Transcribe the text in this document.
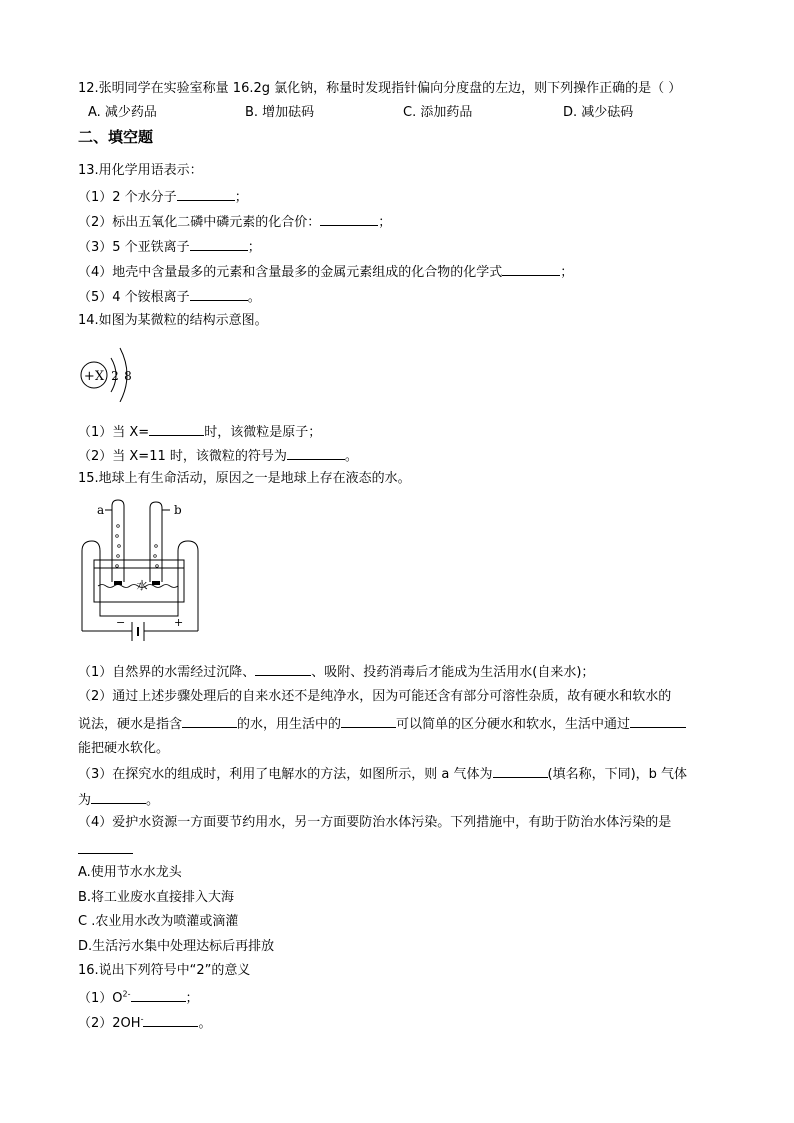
12.张明同学在实验室称量 16.2g 氯化钠，称量时发现指针偏向分度盘的左边，则下列操作正确的是（ ）
A. 减少药品	B. 增加砝码	C. 添加药品	D. 减少砝码
二、填空题
13.用化学用语表示：
（1）2 个水分子	；
（2）标出五氧化二磷中磷元素的化合价：	；
（3）5 个亚铁离子	；
（4）地壳中含量最多的元素和含量最多的金属元素组成的化合物的化学式	；
（5）4 个铵根离子	。
14.如图为某微粒的结构示意图。
+X 2 8
（1）当 X=	时，该微粒是原子；
（2）当 X=11 时，该微粒的符号为	。
15.地球上有生命活动，原因之一是地球上存在液态的水。
水
a	b
−	+
（1）自然界的水需经过沉降、	、吸附、投药消毒后才能成为生活用水(自来水)；
（2）通过上述步骤处理后的自来水还不是纯净水，因为可能还含有部分可溶性杂质，故有硬水和软水的
说法，硬水是指含	的水，用生活中的	可以简单的区分硬水和软水，生活中通过
能把硬水软化。
（3）在探究水的组成时，利用了电解水的方法，如图所示，则 a 气体为	(填名称，下同)，b 气体
为	。
（4）爱护水资源一方面要节约用水，另一方面要防治水体污染。下列措施中，有助于防治水体污染的是
A.使用节水水龙头
B.将工业废水直接排入大海
C .农业用水改为喷灌或滴灌
D.生活污水集中处理达标后再排放
16.说出下列符号中“2”的意义
$(1)O^{2-}$	；
（2）2OH-	。
